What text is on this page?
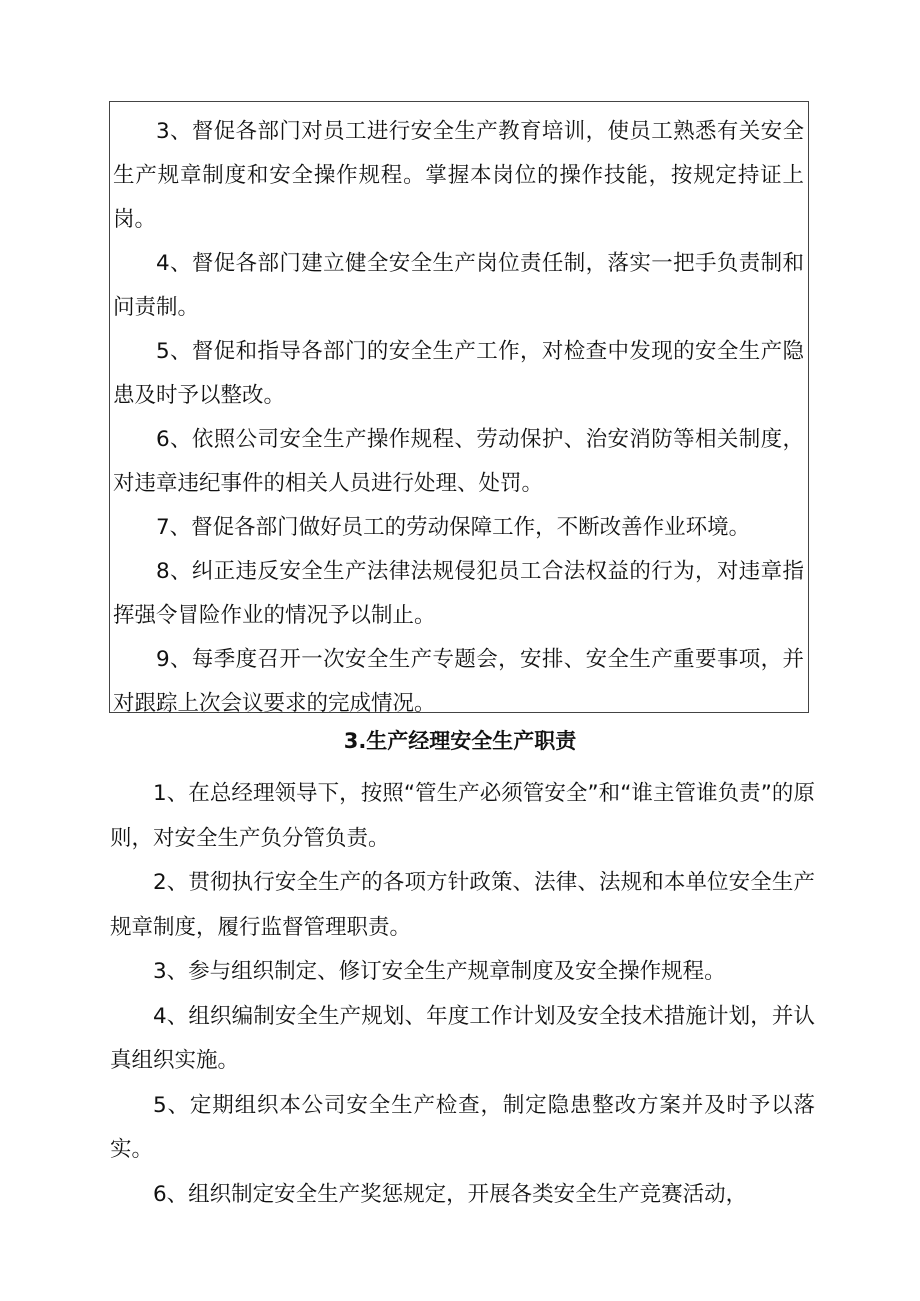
3、督促各部门对员工进行安全生产教育培训，使员工熟悉有关安全生产规章制度和安全操作规程。掌握本岗位的操作技能，按规定持证上岗。

4、督促各部门建立健全安全生产岗位责任制，落实一把手负责制和问责制。

5、督促和指导各部门的安全生产工作，对检查中发现的安全生产隐患及时予以整改。

6、依照公司安全生产操作规程、劳动保护、治安消防等相关制度，对违章违纪事件的相关人员进行处理、处罚。

7、督促各部门做好员工的劳动保障工作，不断改善作业环境。

8、纠正违反安全生产法律法规侵犯员工合法权益的行为，对违章指挥强令冒险作业的情况予以制止。

9、每季度召开一次安全生产专题会，安排、安全生产重要事项，并对跟踪上次会议要求的完成情况。

3.生产经理安全生产职责

1、在总经理领导下，按照“管生产必须管安全”和“谁主管谁负责”的原则，对安全生产负分管负责。

2、贯彻执行安全生产的各项方针政策、法律、法规和本单位安全生产规章制度，履行监督管理职责。

3、参与组织制定、修订安全生产规章制度及安全操作规程。

4、组织编制安全生产规划、年度工作计划及安全技术措施计划，并认真组织实施。

5、定期组织本公司安全生产检查，制定隐患整改方案并及时予以落实。

6、组织制定安全生产奖惩规定，开展各类安全生产竞赛活动，
